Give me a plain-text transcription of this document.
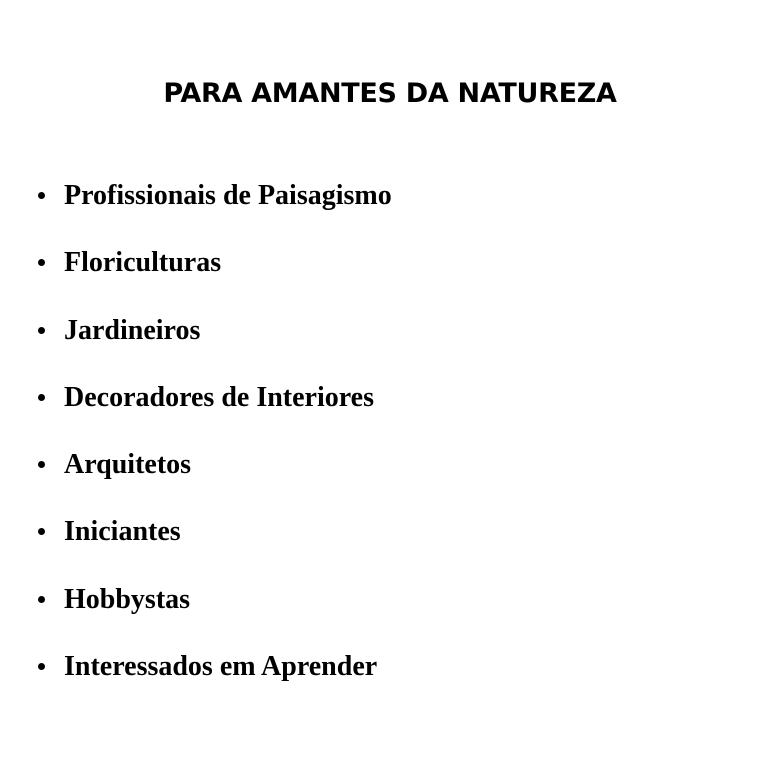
PARA AMANTES DA NATUREZA
Profissionais de Paisagismo
Floriculturas
Jardineiros
Decoradores de Interiores
Arquitetos
Iniciantes
Hobbystas
Interessados em Aprender
